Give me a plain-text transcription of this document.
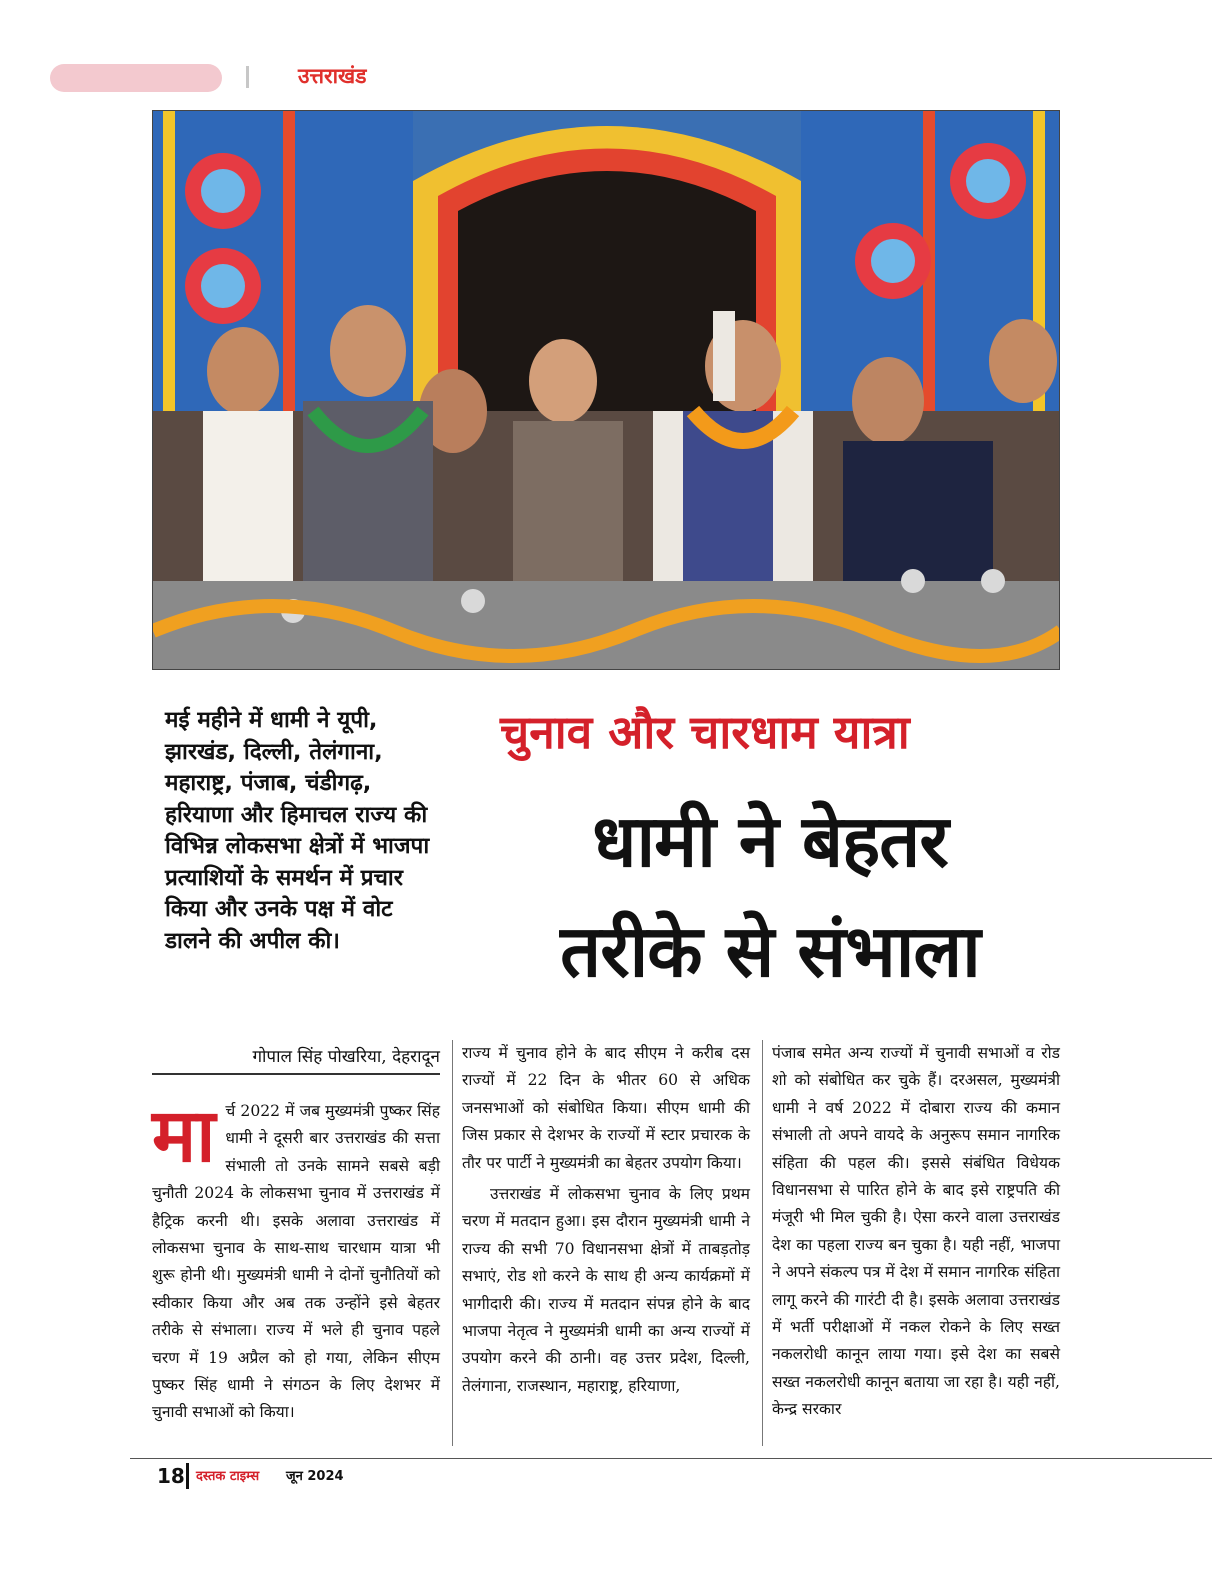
उत्तराखंड
मई महीने में धामी ने यूपी, झारखंड, दिल्ली, तेलंगाना, महाराष्ट्र, पंजाब, चंडीगढ़, हरियाणा और हिमाचल राज्य की विभिन्न लोकसभा क्षेत्रों में भाजपा प्रत्याशियों के समर्थन में प्रचार किया और उनके पक्ष में वोट डालने की अपील की।
चुनाव और चारधाम यात्रा
धामी ने बेहतर
तरीके से संभाला
गोपाल सिंह पोखरिया, देहरादून
मा र्च 2022 में जब मुख्यमंत्री पुष्कर सिंह धामी ने दूसरी बार उत्तराखंड की सत्ता संभाली तो उनके सामने सबसे बड़ी चुनौती 2024 के लोकसभा चुनाव में उत्तराखंड में हैट्रिक करनी थी। इसके अलावा उत्तराखंड में लोकसभा चुनाव के साथ-साथ चारधाम यात्रा भी शुरू होनी थी। मुख्यमंत्री धामी ने दोनों चुनौतियों को स्वीकार किया और अब तक उन्होंने इसे बेहतर तरीके से संभाला। राज्य में भले ही चुनाव पहले चरण में 19 अप्रैल को हो गया, लेकिन सीएम पुष्कर सिंह धामी ने संगठन के लिए देशभर में चुनावी सभाओं को किया।

राज्य में चुनाव होने के बाद सीएम ने करीब दस राज्यों में 22 दिन के भीतर 60 से अधिक जनसभाओं को संबोधित किया। सीएम धामी की जिस प्रकार से देशभर के राज्यों में स्टार प्रचारक के तौर पर पार्टी ने मुख्यमंत्री का बेहतर उपयोग किया।

उत्तराखंड में लोकसभा चुनाव के लिए प्रथम चरण में मतदान हुआ। इस दौरान मुख्यमंत्री धामी ने राज्य की सभी 70 विधानसभा क्षेत्रों में ताबड़तोड़ सभाएं, रोड शो करने के साथ ही अन्य कार्यक्रमों में भागीदारी की। राज्य में मतदान संपन्न होने के बाद भाजपा नेतृत्व ने मुख्यमंत्री धामी का अन्य राज्यों में उपयोग करने की ठानी। वह उत्तर प्रदेश, दिल्ली, तेलंगाना, राजस्थान, महाराष्ट्र, हरियाणा,

पंजाब समेत अन्य राज्यों में चुनावी सभाओं व रोड शो को संबोधित कर चुके हैं। दरअसल, मुख्यमंत्री धामी ने वर्ष 2022 में दोबारा राज्य की कमान संभाली तो अपने वायदे के अनुरूप समान नागरिक संहिता की पहल की। इससे संबंधित विधेयक विधानसभा से पारित होने के बाद इसे राष्ट्रपति की मंजूरी भी मिल चुकी है। ऐसा करने वाला उत्तराखंड देश का पहला राज्य बन चुका है। यही नहीं, भाजपा ने अपने संकल्प पत्र में देश में समान नागरिक संहिता लागू करने की गारंटी दी है। इसके अलावा उत्तराखंड में भर्ती परीक्षाओं में नकल रोकने के लिए सख्त नकलरोधी कानून लाया गया। इसे देश का सबसे सख्त नकलरोधी कानून बताया जा रहा है। यही नहीं, केन्द्र सरकार

18 दस्तक टाइम्स जून 2024
